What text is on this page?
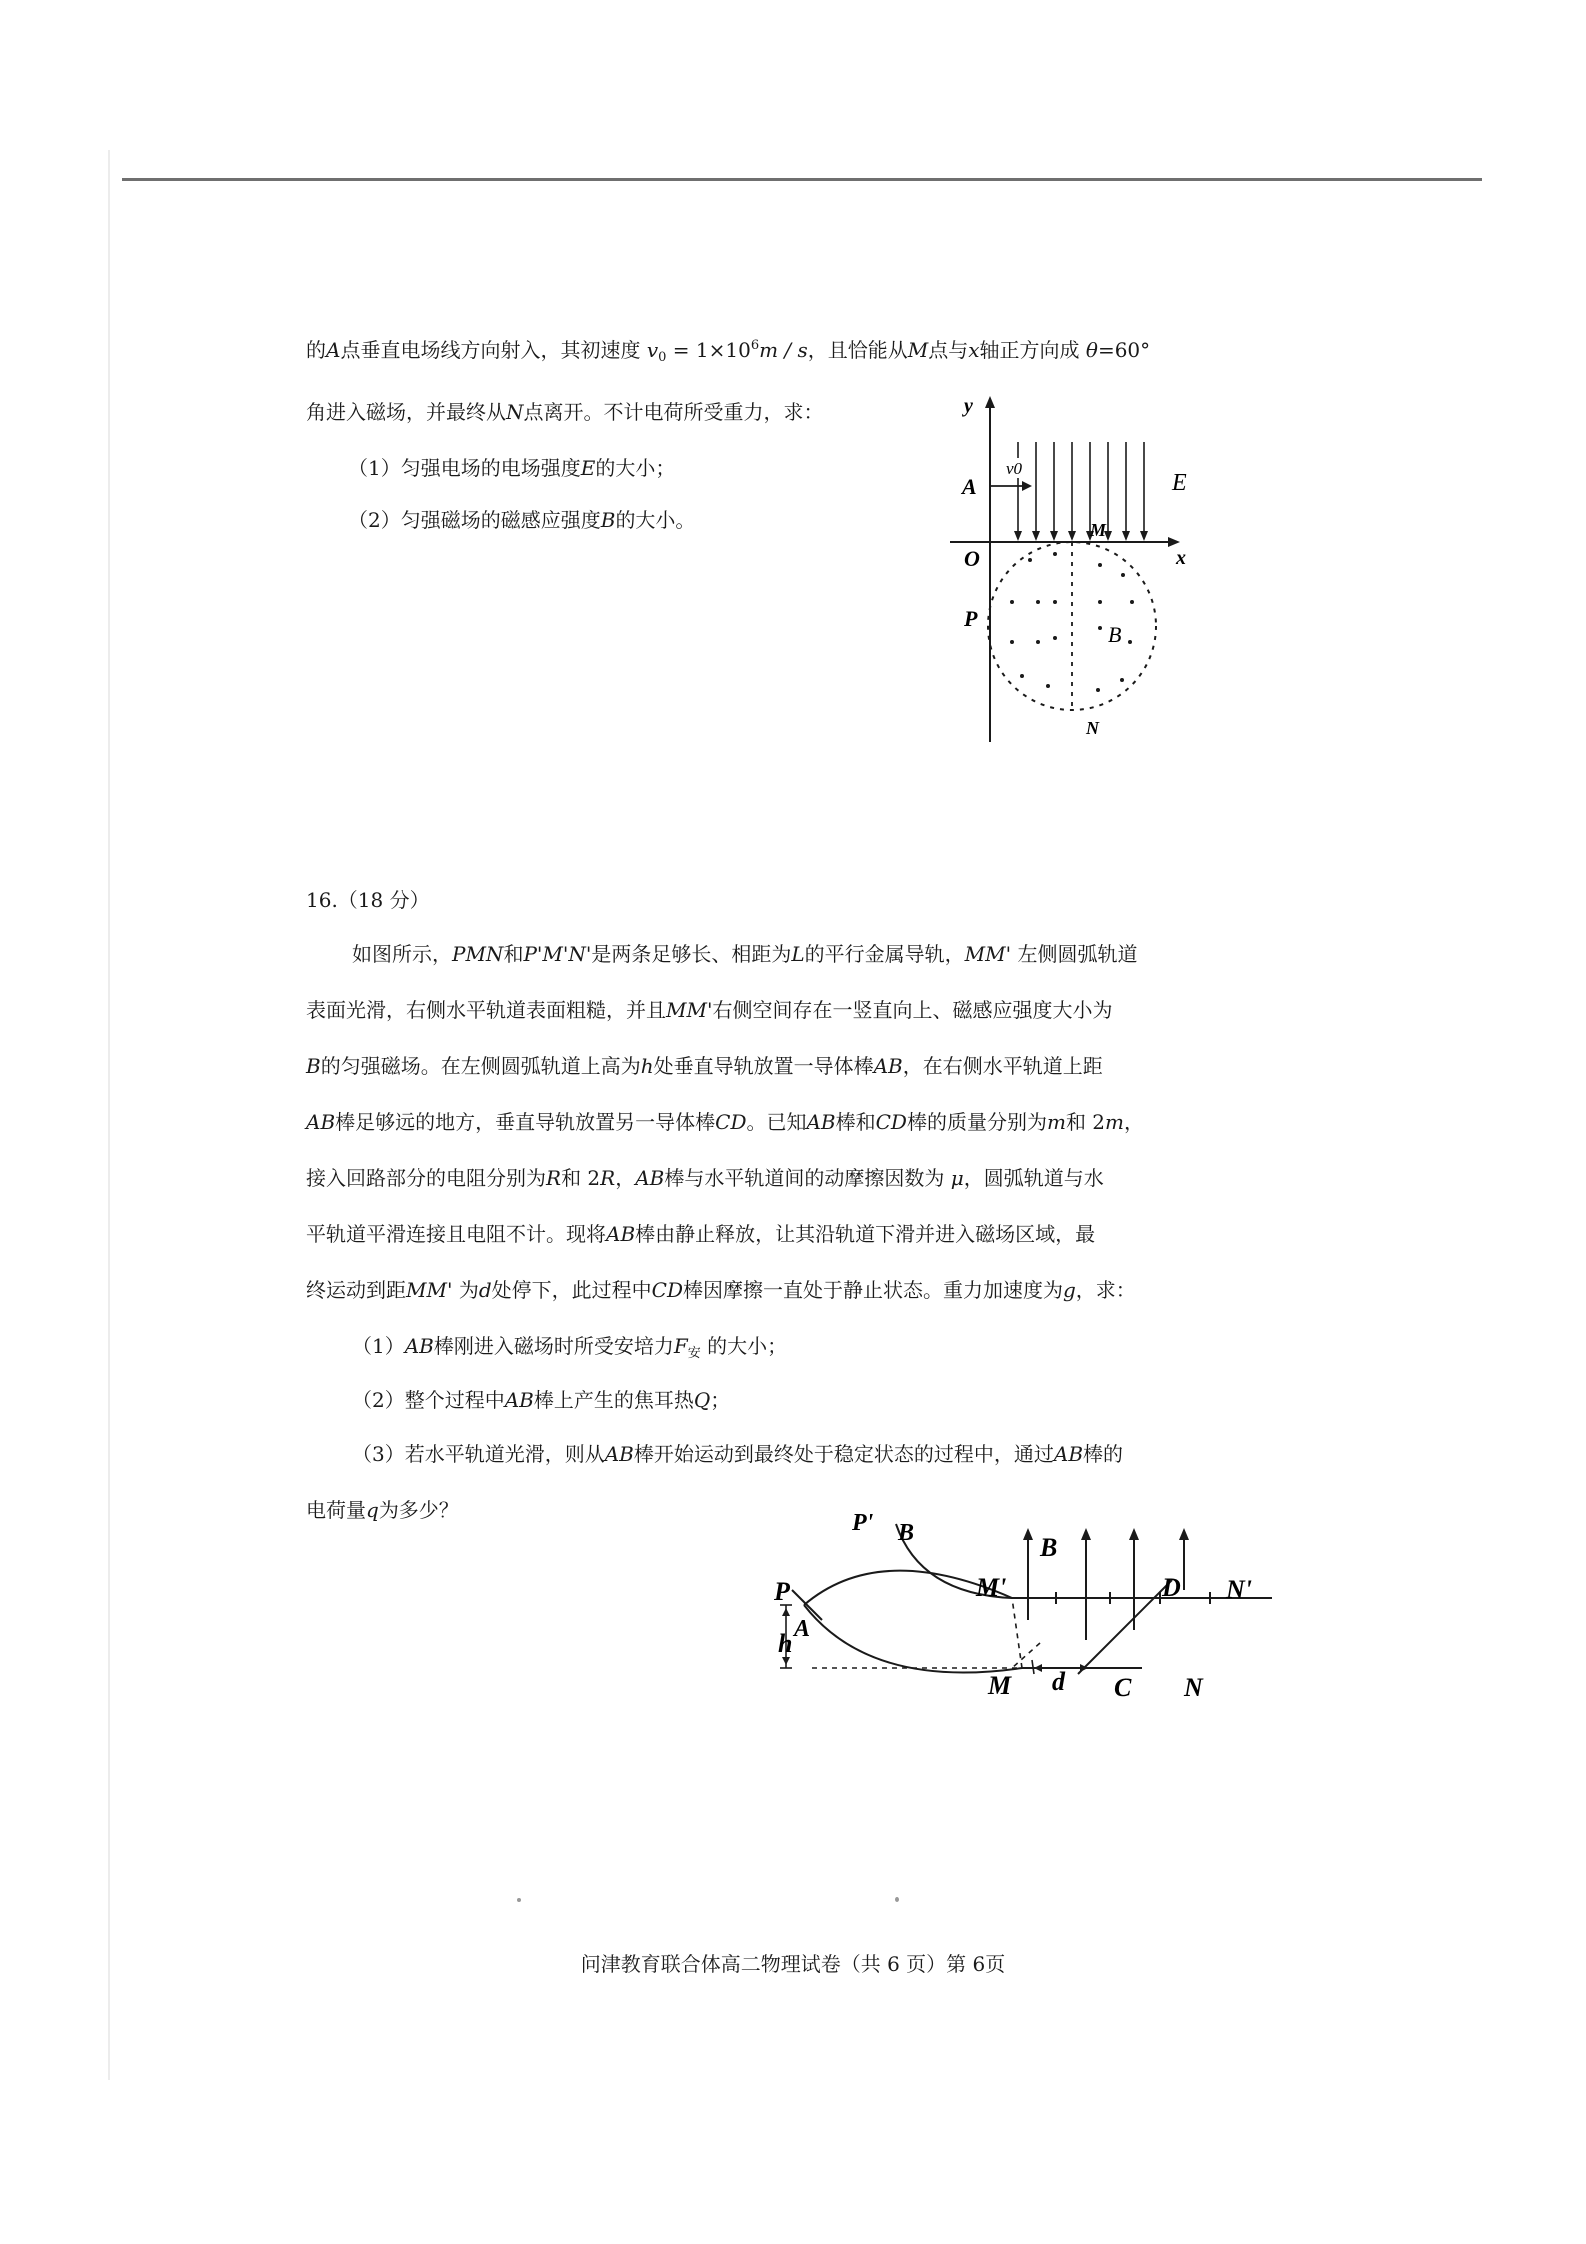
的A点垂直电场线方向射入，其初速度 $v_0 = 1\times 10^6m / s$，且恰能从M点与x轴正方向成 θ=60°
角进入磁场，并最终从N点离开。不计电荷所受重力，求：
（1）匀强电场的电场强度E的大小；
（2）匀强磁场的磁感应强度B的大小。
v0
y
x
A
O
P
M
N
E
B
16.（18 分）
如图所示，PMN和P'M'N'是两条足够长、相距为L的平行金属导轨，MM' 左侧圆弧轨道
表面光滑，右侧水平轨道表面粗糙，并且MM'右侧空间存在一竖直向上、磁感应强度大小为
B的匀强磁场。在左侧圆弧轨道上高为h处垂直导轨放置一导体棒AB，在右侧水平轨道上距
AB棒足够远的地方，垂直导轨放置另一导体棒CD。已知AB棒和CD棒的质量分别为m和 2m，
接入回路部分的电阻分别为R和 2R，AB棒与水平轨道间的动摩擦因数为 μ，圆弧轨道与水
平轨道平滑连接且电阻不计。现将AB棒由静止释放，让其沿轨道下滑并进入磁场区域，最
终运动到距MM' 为d处停下，此过程中CD棒因摩擦一直处于静止状态。重力加速度为g，求：
（1）AB棒刚进入磁场时所受安培力$F_安$ 的大小；
（2）整个过程中AB棒上产生的焦耳热Q；
（3）若水平轨道光滑，则从AB棒开始运动到最终处于稳定状态的过程中，通过AB棒的
电荷量q为多少？	P' B
P
A
h
M'
B
D N'
M d C N
问津教育联合体高二物理试卷（共 6 页）第 6页
